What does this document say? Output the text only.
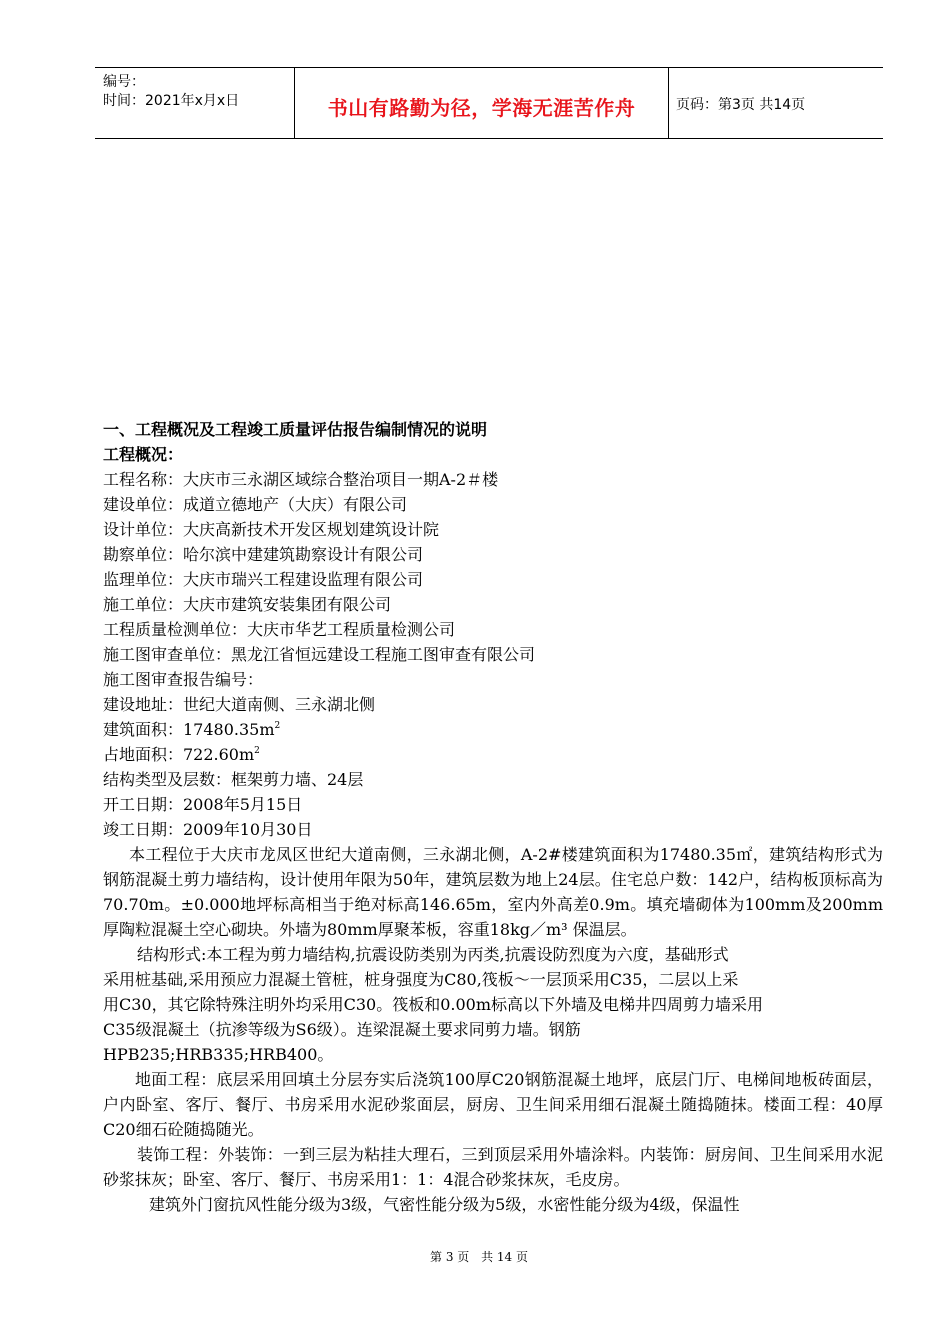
编号：
时间：2021年x月x日	书山有路勤为径，学海无涯苦作舟	页码：第3页 共14页
一、工程概况及工程竣工质量评估报告编制情况的说明
工程概况：
工程名称：大庆市三永湖区域综合整治项目一期A-2＃楼
建设单位：成道立德地产（大庆）有限公司
设计单位：大庆高新技术开发区规划建筑设计院
勘察单位：哈尔滨中建建筑勘察设计有限公司
监理单位：大庆市瑞兴工程建设监理有限公司
施工单位：大庆市建筑安装集团有限公司
工程质量检测单位：大庆市华艺工程质量检测公司
施工图审查单位：黑龙江省恒远建设工程施工图审查有限公司
施工图审查报告编号：
建设地址：世纪大道南侧、三永湖北侧
建筑面积：$17480.35m^2$
占地面积：$722.60m^2$
结构类型及层数：框架剪力墙、24层
开工日期：2008年5月15日
竣工日期：2009年10月30日

本工程位于大庆市龙凤区世纪大道南侧，三永湖北侧，A-2#楼建筑面积为17480.35㎡，建筑结构形式为钢筋混凝土剪力墙结构，设计使用年限为50年，建筑层数为地上24层。住宅总户数：142户，结构板顶标高为70.70m。±0.000地坪标高相当于绝对标高146.65m，室内外高差0.9m。填充墙砌体为100mm及200mm厚陶粒混凝土空心砌块。外墙为80mm厚聚苯板，容重18kg／m³ 保温层。

结构形式:本工程为剪力墙结构,抗震设防类别为丙类,抗震设防烈度为六度，基础形式
采用桩基础,采用预应力混凝土管桩，桩身强度为C80,筏板～一层顶采用C35，二层以上采
用C30，其它除特殊注明外均采用C30。筏板和0.00m标高以下外墙及电梯井四周剪力墙采用
C35级混凝土（抗渗等级为S6级）。连梁混凝土要求同剪力墙。钢筋
HPB235;HRB335;HRB400。

地面工程：底层采用回填土分层夯实后浇筑100厚C20钢筋混凝土地坪，底层门厅、电梯间地板砖面层，户内卧室、客厅、餐厅、书房采用水泥砂浆面层，厨房、卫生间采用细石混凝土随捣随抹。楼面工程：40厚C20细石砼随捣随光。

装饰工程：外装饰：一到三层为粘挂大理石，三到顶层采用外墙涂料。内装饰：厨房间、卫生间采用水泥砂浆抹灰；卧室、客厅、餐厅、书房采用1：1：4混合砂浆抹灰，毛皮房。

建筑外门窗抗风性能分级为3级，气密性能分级为5级，水密性能分级为4级，保温性
第 3 页 共 14 页
